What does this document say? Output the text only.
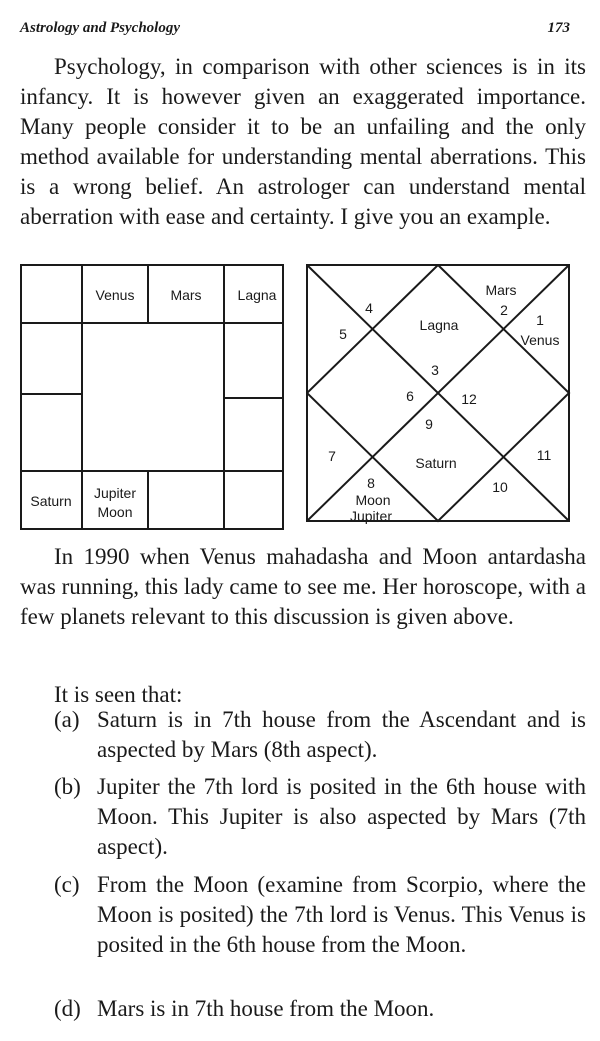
Astrology and Psychology	173

Psychology, in comparison with other sciences is in its infancy. It is however given an exaggerated importance. Many people consider it to be an unfailing and the only method available for understanding mental aberrations. This is a wrong belief. An astrologer can understand mental aberration with ease and certainty. I give you an example.

Venus	Mars	Lagna
Saturn Jupiter
Moon
Mars
Venus
Lagna
Saturn
Moon
Jupiter
1
2
3
4
5
6
7
8
9
10
11
12

In 1990 when Venus mahadasha and Moon antardasha was running, this lady came to see me. Her horoscope, with a few planets relevant to this discussion is given above.

It is seen that:

(a) Saturn is in 7th house from the Ascendant and is aspected by Mars (8th aspect).
(b) Jupiter the 7th lord is posited in the 6th house with Moon. This Jupiter is also aspected by Mars (7th aspect).
(c) From the Moon (examine from Scorpio, where the Moon is posited) the 7th lord is Venus. This Venus is posited in the 6th house from the Moon.
(d) Mars is in 7th house from the Moon.
